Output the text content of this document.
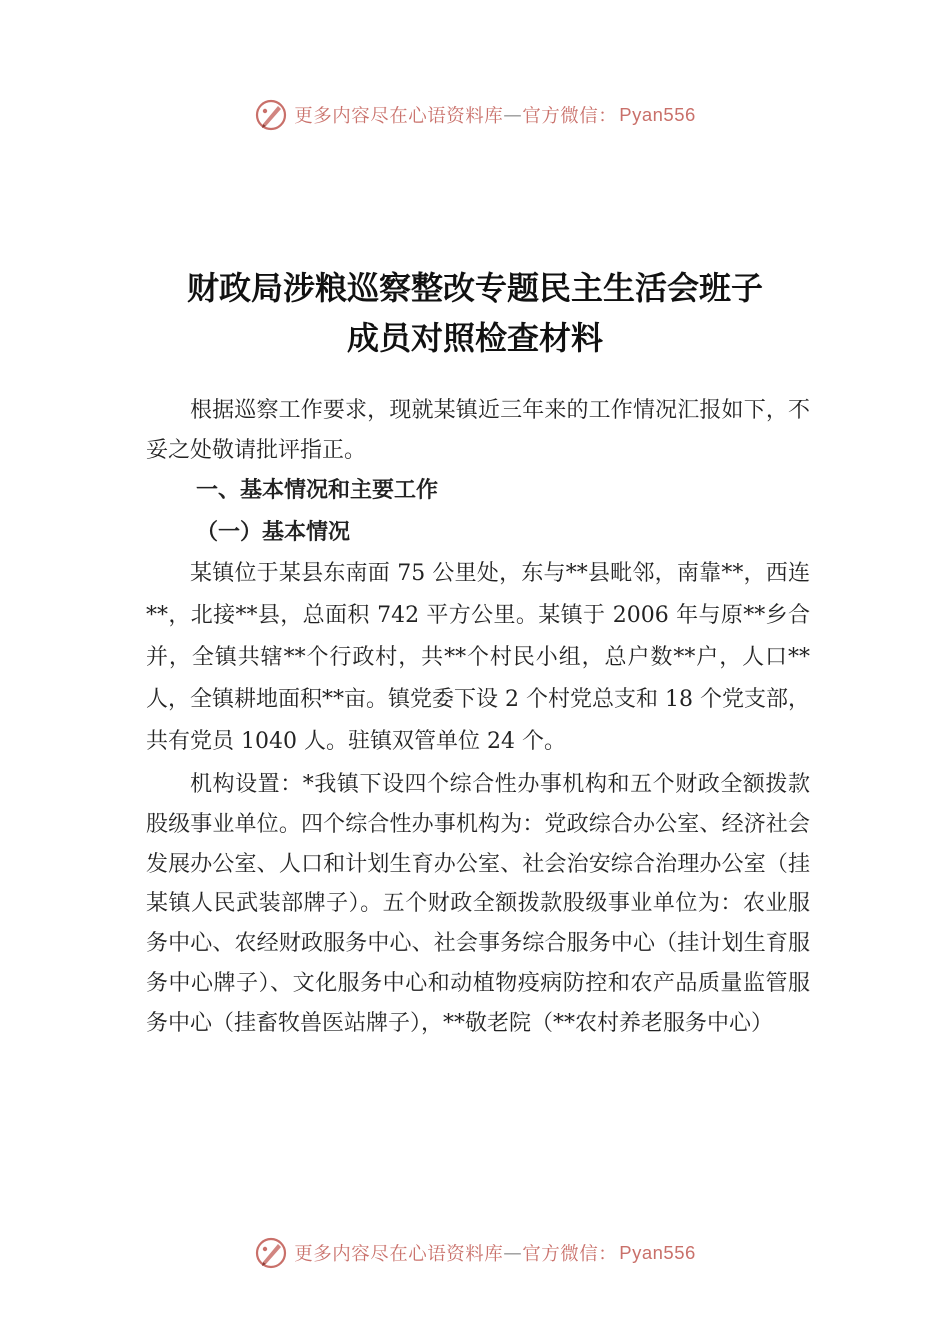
更多内容尽在心语资料库 — 官方微信： Pyan556
财政局涉粮巡察整改专题民主生活会班子
成员对照检查材料

根据巡察工作要求，现就某镇近三年来的工作情况汇报如下，不妥之处敬请批评指正。

一、基本情况和主要工作

（一）基本情况

某镇位于某县东南面 75 公里处，东与**县毗邻，南靠**，西连**，北接**县，总面积 742 平方公里。某镇于 2006 年与原**乡合并，全镇共辖**个行政村，共**个村民小组，总户数**户，人口**人，全镇耕地面积**亩。镇党委下设 2 个村党总支和 18 个党支部，共有党员 1040 人。驻镇双管单位 24 个。

机构设置：*我镇下设四个综合性办事机构和五个财政全额拨款股级事业单位。四个综合性办事机构为：党政综合办公室、经济社会发展办公室、人口和计划生育办公室、社会治安综合治理办公室（挂某镇人民武装部牌子）。五个财政全额拨款股级事业单位为：农业服务中心、农经财政服务中心、社会事务综合服务中心（挂计划生育服务中心牌子）、文化服务中心和动植物疫病防控和农产品质量监管服务中心（挂畜牧兽医站牌子），**敬老院（**农村养老服务中心）

更多内容尽在心语资料库 — 官方微信： Pyan556
